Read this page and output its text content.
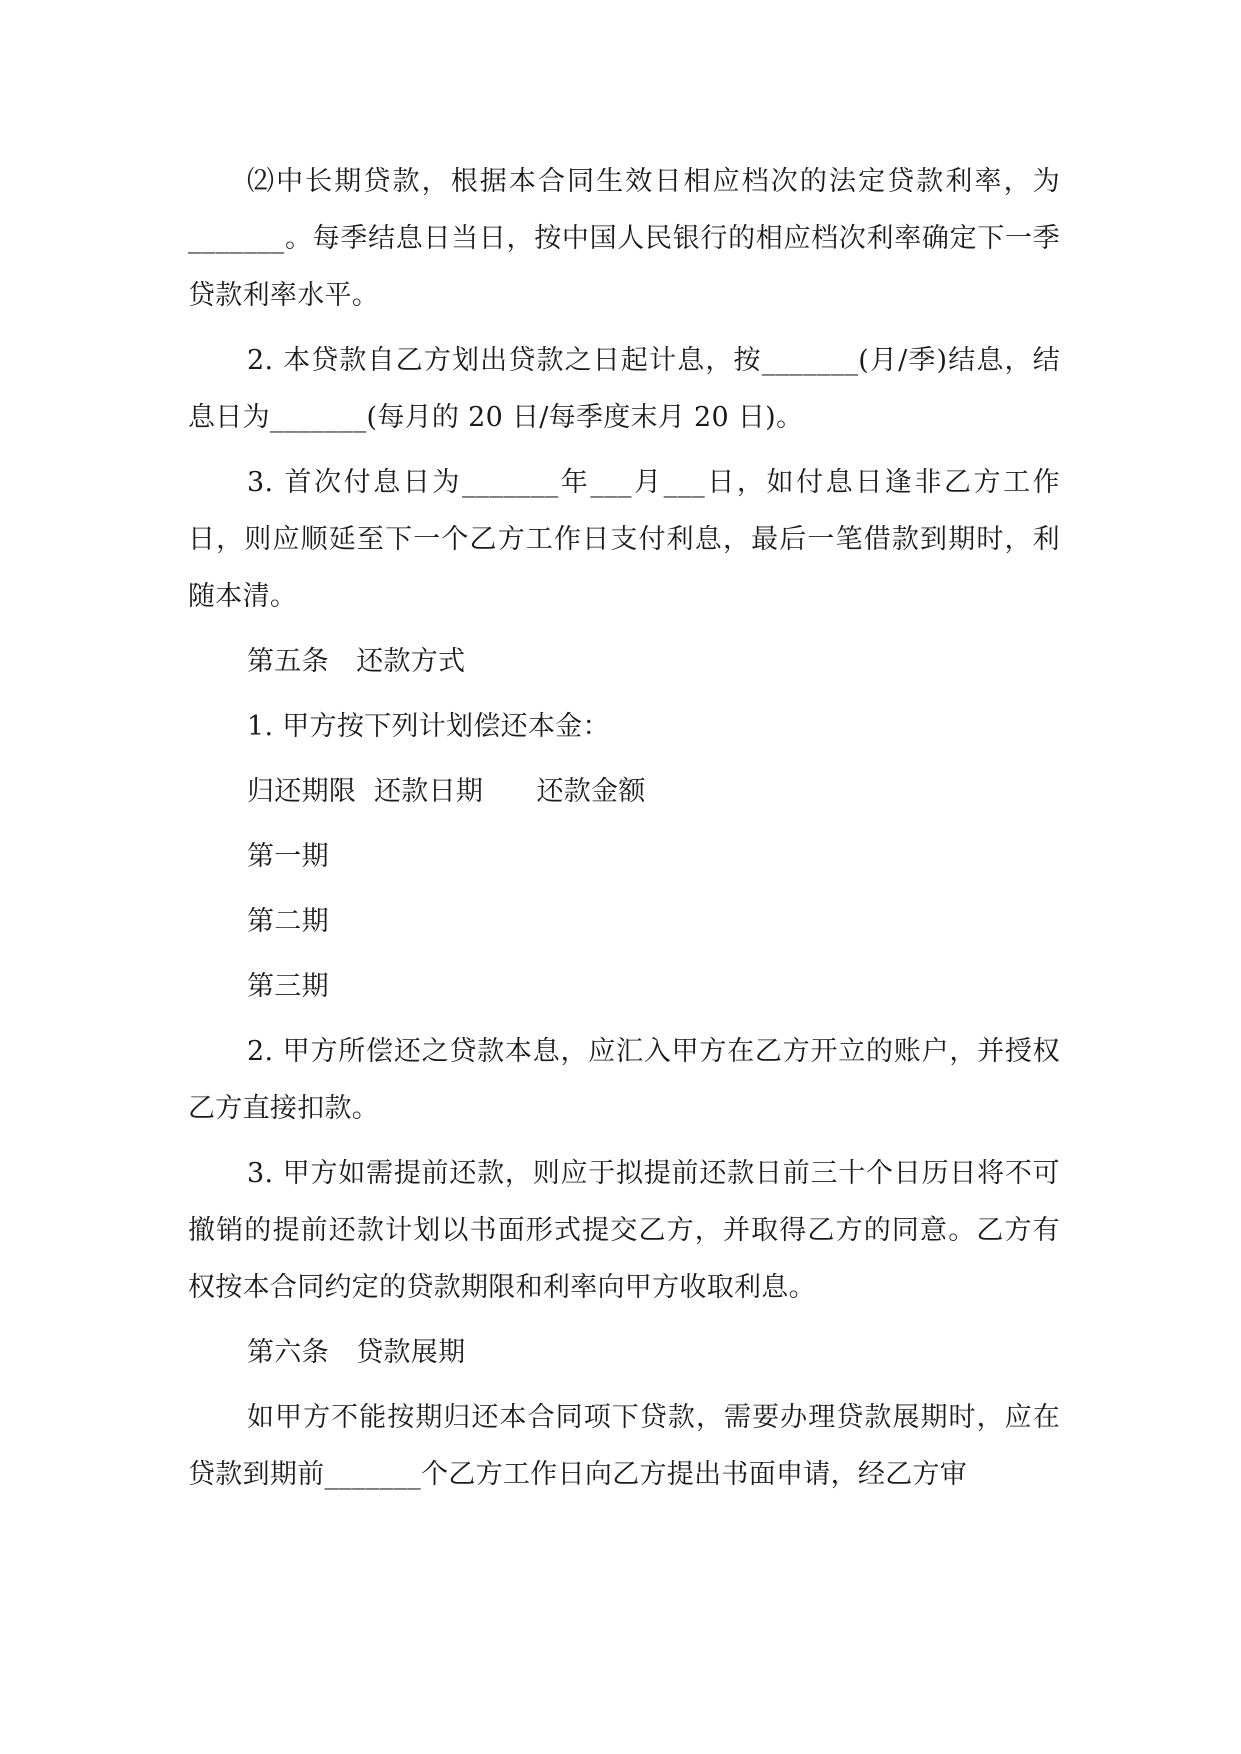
⑵中长期贷款，根据本合同生效日相应档次的法定贷款利率，为_______。每季结息日当日，按中国人民银行的相应档次利率确定下一季贷款利率水平。

2. 本贷款自乙方划出贷款之日起计息，按_______(月/季)结息，结息日为_______(每月的 20 日/每季度末月 20 日)。

3. 首次付息日为_______年___月___日，如付息日逢非乙方工作日，则应顺延至下一个乙方工作日支付利息，最后一笔借款到期时，利随本清。

第五条　还款方式

1. 甲方按下列计划偿还本金：

归还期限  还款日期      还款金额

第一期

第二期

第三期

2. 甲方所偿还之贷款本息，应汇入甲方在乙方开立的账户，并授权乙方直接扣款。

3. 甲方如需提前还款，则应于拟提前还款日前三十个日历日将不可撤销的提前还款计划以书面形式提交乙方，并取得乙方的同意。乙方有权按本合同约定的贷款期限和利率向甲方收取利息。

第六条　贷款展期

如甲方不能按期归还本合同项下贷款，需要办理贷款展期时，应在贷款到期前_______个乙方工作日向乙方提出书面申请，经乙方审
